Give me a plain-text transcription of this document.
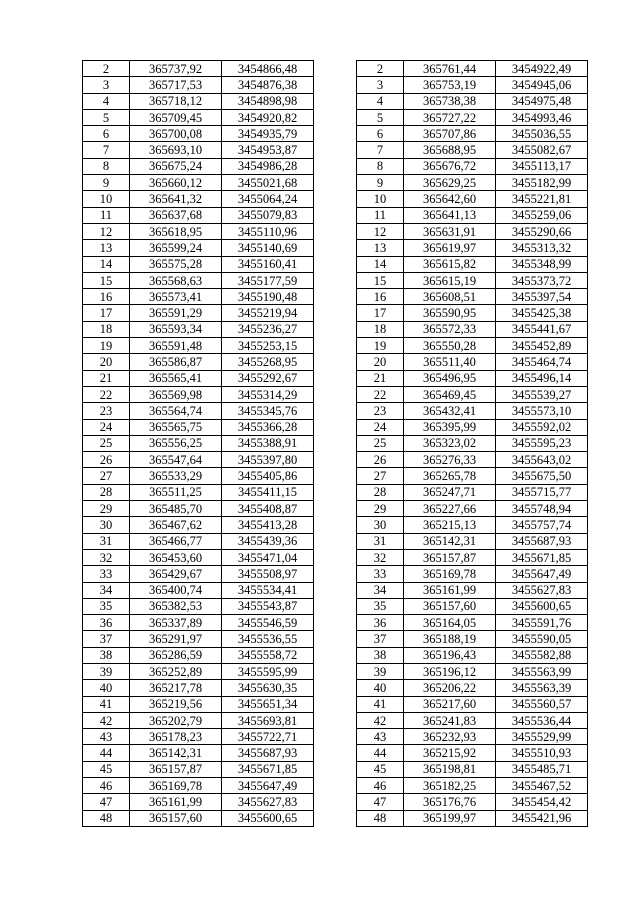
2	365737,92	3454866,48
3	365717,53	3454876,38
4	365718,12	3454898,98
5	365709,45	3454920,82
6	365700,08	3454935,79
7	365693,10	3454953,87
8	365675,24	3454986,28
9	365660,12	3455021,68
10	365641,32	3455064,24
11	365637,68	3455079,83
12	365618,95	3455110,96
13	365599,24	3455140,69
14	365575,28	3455160,41
15	365568,63	3455177,59
16	365573,41	3455190,48
17	365591,29	3455219,94
18	365593,34	3455236,27
19	365591,48	3455253,15
20	365586,87	3455268,95
21	365565,41	3455292,67
22	365569,98	3455314,29
23	365564,74	3455345,76
24	365565,75	3455366,28
25	365556,25	3455388,91
26	365547,64	3455397,80
27	365533,29	3455405,86
28	365511,25	3455411,15
29	365485,70	3455408,87
30	365467,62	3455413,28
31	365466,77	3455439,36
32	365453,60	3455471,04
33	365429,67	3455508,97
34	365400,74	3455534,41
35	365382,53	3455543,87
36	365337,89	3455546,59
37	365291,97	3455536,55
38	365286,59	3455558,72
39	365252,89	3455595,99
40	365217,78	3455630,35
41	365219,56	3455651,34
42	365202,79	3455693,81
43	365178,23	3455722,71
44	365142,31	3455687,93
45	365157,87	3455671,85
46	365169,78	3455647,49
47	365161,99	3455627,83
48	365157,60	3455600,65
2	365761,44	3454922,49
3	365753,19	3454945,06
4	365738,38	3454975,48
5	365727,22	3454993,46
6	365707,86	3455036,55
7	365688,95	3455082,67
8	365676,72	3455113,17
9	365629,25	3455182,99
10	365642,60	3455221,81
11	365641,13	3455259,06
12	365631,91	3455290,66
13	365619,97	3455313,32
14	365615,82	3455348,99
15	365615,19	3455373,72
16	365608,51	3455397,54
17	365590,95	3455425,38
18	365572,33	3455441,67
19	365550,28	3455452,89
20	365511,40	3455464,74
21	365496,95	3455496,14
22	365469,45	3455539,27
23	365432,41	3455573,10
24	365395,99	3455592,02
25	365323,02	3455595,23
26	365276,33	3455643,02
27	365265,78	3455675,50
28	365247,71	3455715,77
29	365227,66	3455748,94
30	365215,13	3455757,74
31	365142,31	3455687,93
32	365157,87	3455671,85
33	365169,78	3455647,49
34	365161,99	3455627,83
35	365157,60	3455600,65
36	365164,05	3455591,76
37	365188,19	3455590,05
38	365196,43	3455582,88
39	365196,12	3455563,99
40	365206,22	3455563,39
41	365217,60	3455560,57
42	365241,83	3455536,44
43	365232,93	3455529,99
44	365215,92	3455510,93
45	365198,81	3455485,71
46	365182,25	3455467,52
47	365176,76	3455454,42
48	365199,97	3455421,96
